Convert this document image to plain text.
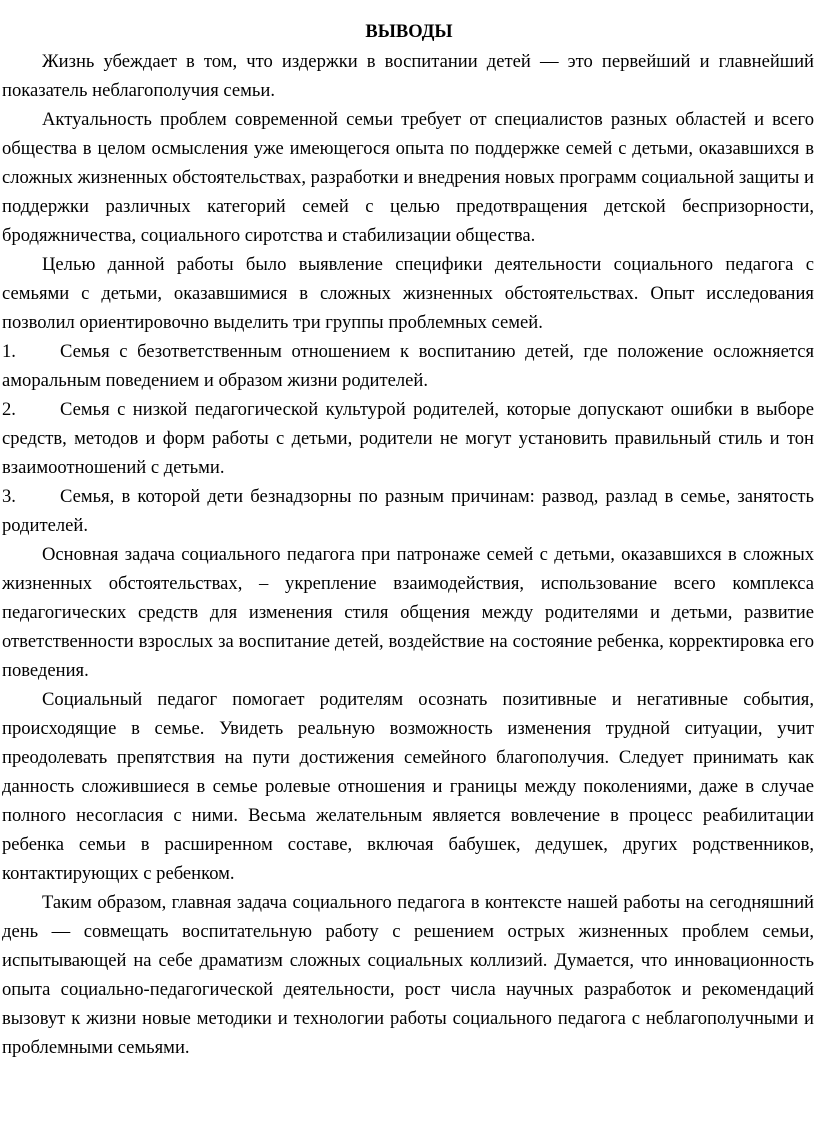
ВЫВОДЫ

Жизнь убеждает в том, что издержки в воспитании детей — это первейший и главнейший показатель неблагополучия семьи.

Актуальность проблем современной семьи требует от специалистов разных областей и всего общества в целом осмысления уже имеющегося опыта по поддержке семей с детьми, оказавшихся в сложных жизненных обстоятельствах, разработки и внедрения новых программ социальной защиты и поддержки различных категорий семей с целью предотвращения детской беспризорности, бродяжничества, социального сиротства и стабилизации общества.

Целью данной работы было выявление специфики деятельности социального педагога с семьями с детьми, оказавшимися в сложных жизненных обстоятельствах. Опыт исследования позволил ориентировочно выделить три группы проблемных семей.

1. Семья с безответственным отношением к воспитанию детей, где положение осложняется аморальным поведением и образом жизни родителей.

2. Семья с низкой педагогической культурой родителей, которые допускают ошибки в выборе средств, методов и форм работы с детьми, родители не могут установить правильный стиль и тон взаимоотношений с детьми.

3. Семья, в которой дети безнадзорны по разным причинам: развод, разлад в семье, занятость родителей.

Основная задача социального педагога при патронаже семей с детьми, оказавшихся в сложных жизненных обстоятельствах, – укрепление взаимодействия, использование всего комплекса педагогических средств для изменения стиля общения между родителями и детьми, развитие ответственности взрослых за воспитание детей, воздействие на состояние ребенка, корректировка его поведения.

Социальный педагог помогает родителям осознать позитивные и негативные события, происходящие в семье. Увидеть реальную возможность изменения трудной ситуации, учит преодолевать препятствия на пути достижения семейного благополучия. Следует принимать как данность сложившиеся в семье ролевые отношения и границы между поколениями, даже в случае полного несогласия с ними. Весьма желательным является вовлечение в процесс реабилитации ребенка семьи в расширенном составе, включая бабушек, дедушек, других родственников, контактирующих с ребенком.

Таким образом, главная задача социального педагога в контексте нашей работы на сегодняшний день — совмещать воспитательную работу с решением острых жизненных проблем семьи, испытывающей на себе драматизм сложных социальных коллизий. Думается, что инновационность опыта социально-педагогической деятельности, рост числа научных разработок и рекомендаций вызовут к жизни новые методики и технологии работы социального педагога с неблагополучными и проблемными семьями.
